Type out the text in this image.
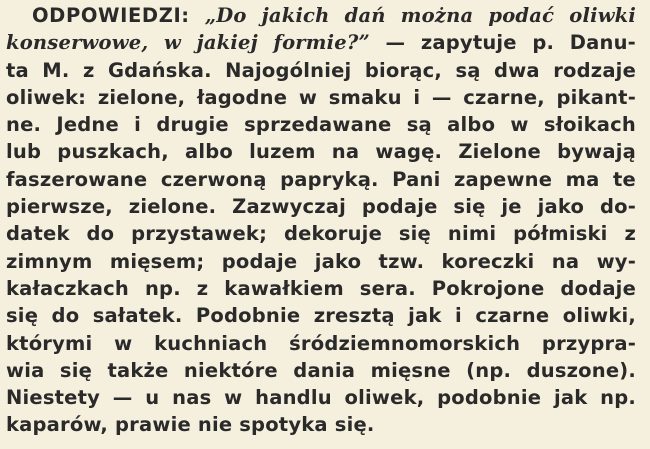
ODPOWIEDZI: „Do jakich dań można podać oliwki
konserwowe, w jakiej formie?” — zapytuje p. Danu-
ta M. z Gdańska. Najogólniej biorąc, są dwa rodzaje
oliwek: zielone, łagodne w smaku i — czarne, pikant-
ne. Jedne i drugie sprzedawane są albo w słoikach
lub puszkach, albo luzem na wagę. Zielone bywają
faszerowane czerwoną papryką. Pani zapewne ma te
pierwsze, zielone. Zazwyczaj podaje się je jako do-
datek do przystawek; dekoruje się nimi półmiski z
zimnym mięsem; podaje jako tzw. koreczki na wy-
kałaczkach np. z kawałkiem sera. Pokrojone dodaje
się do sałatek. Podobnie zresztą jak i czarne oliwki,
którymi w kuchniach śródziemnomorskich przypra-
wia się także niektóre dania mięsne (np. duszone).
Niestety — u nas w handlu oliwek, podobnie jak np.
kaparów, prawie nie spotyka się.
